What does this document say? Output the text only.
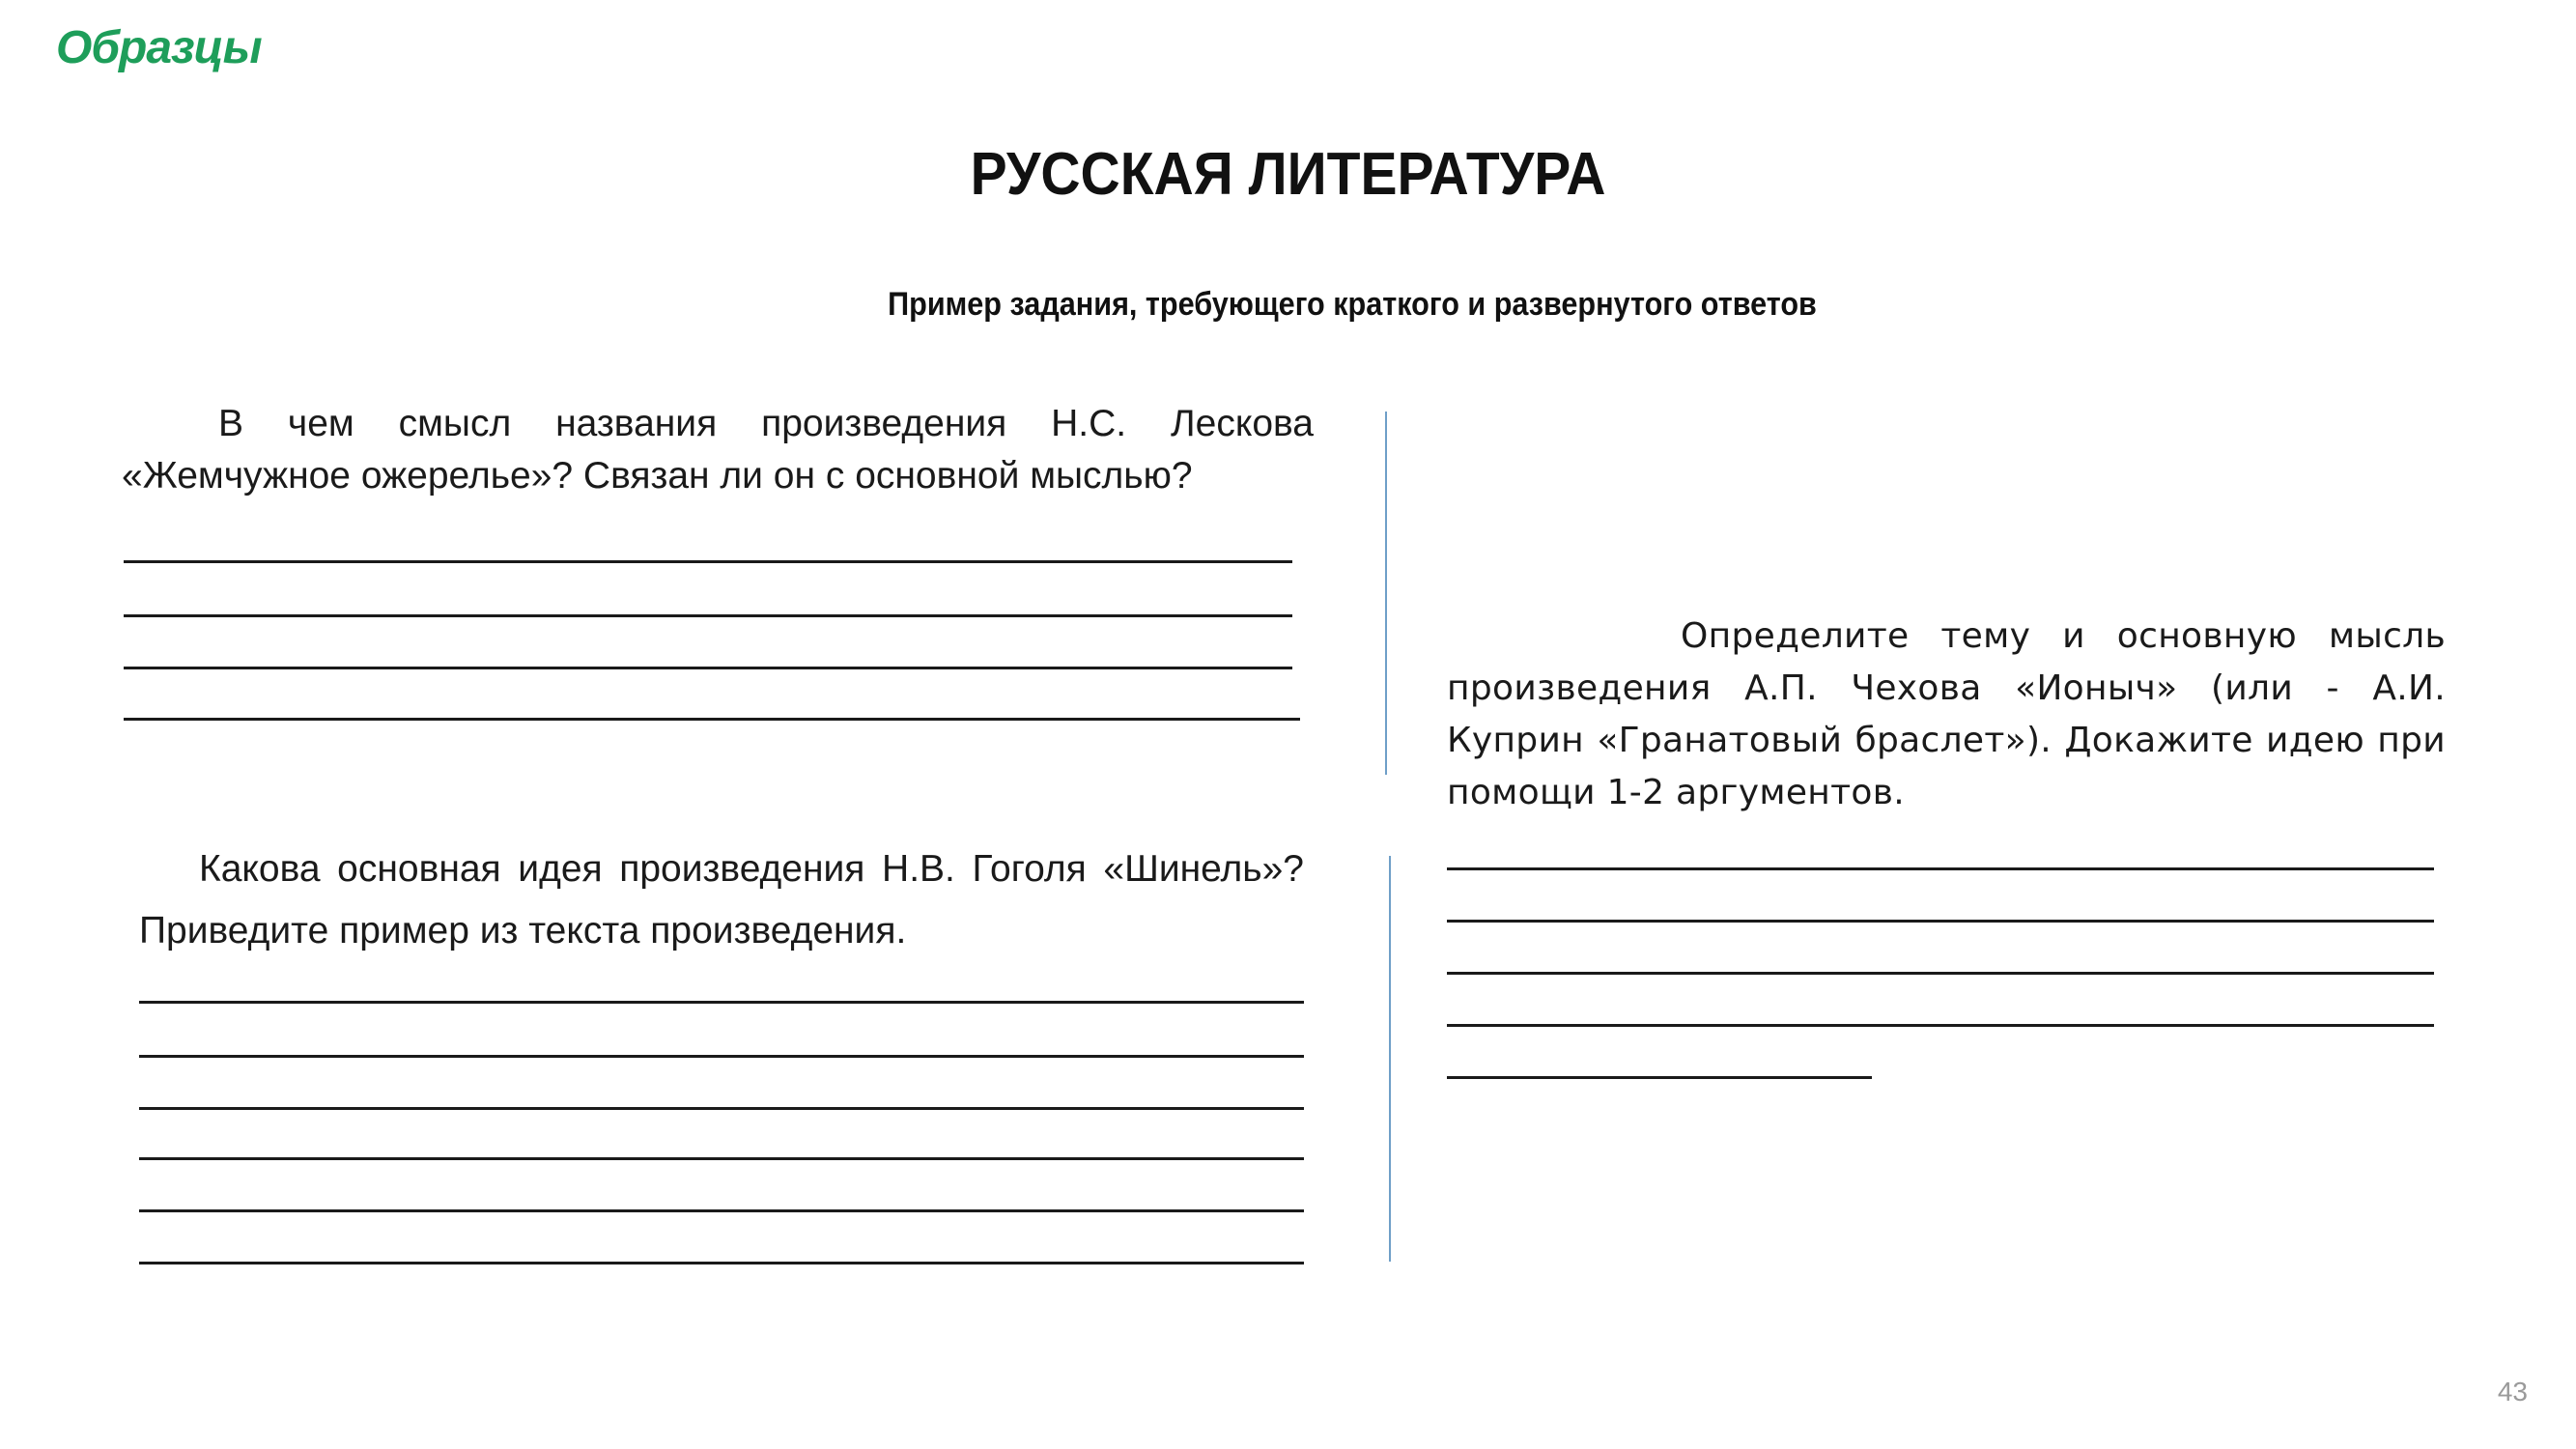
Образцы
РУССКАЯ ЛИТЕРАТУРА
Пример задания, требующего краткого и развернутого ответов
В чем смысл названия произведения Н.С. Лескова «Жемчужное ожерелье»? Связан ли он с основной мыслью?
Какова основная идея произведения Н.В. Гоголя «Шинель»? Приведите пример из текста произведения.
Определите тему и основную мысль произведения А.П. Чехова «Ионыч» (или - А.И. Куприн «Гранатовый браслет»). Докажите идею при помощи 1-2 аргументов.
43
